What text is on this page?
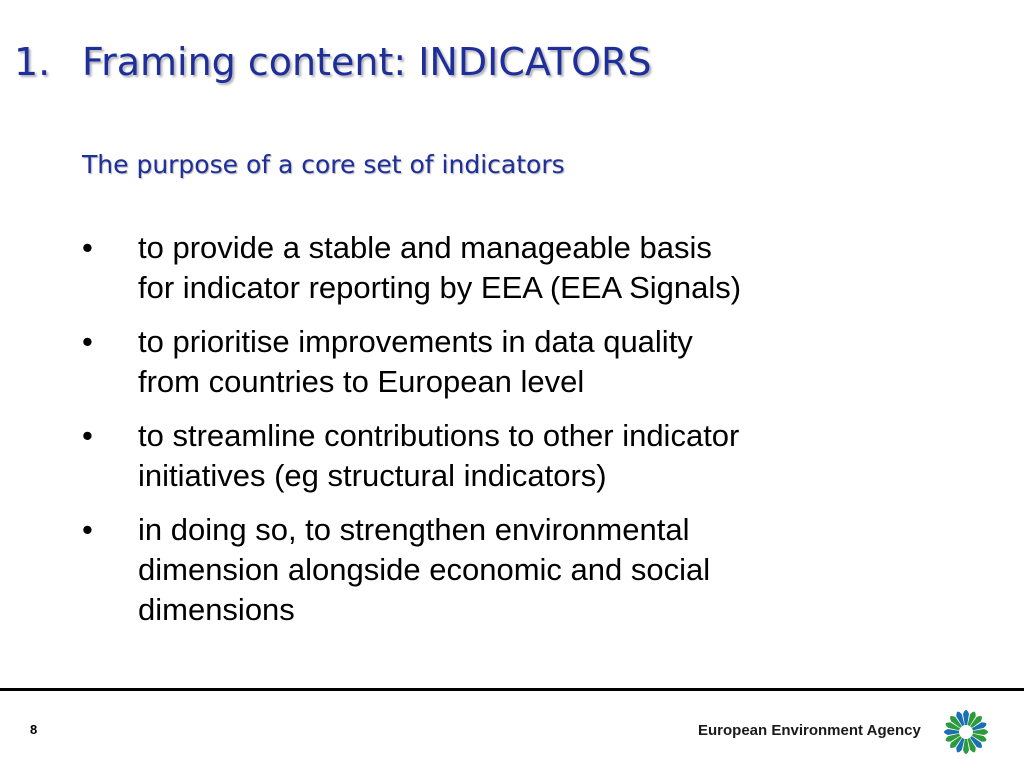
1. Framing content: INDICATORS
The purpose of a core set of indicators
• to provide a stable and manageable basis
for indicator reporting by EEA (EEA Signals)
• to prioritise improvements in data quality
from countries to European level
• to streamline contributions to other indicator
initiatives (eg structural indicators)
• in doing so, to strengthen environmental
dimension alongside economic and social
dimensions
8	European Environment Agency
